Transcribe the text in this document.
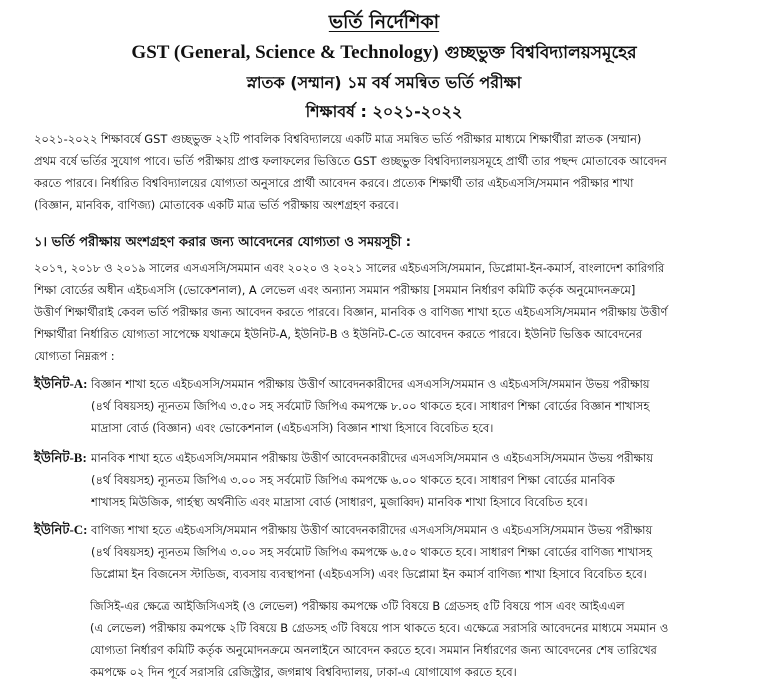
ভর্তি নির্দেশিকা
GST (General, Science & Technology) গুচ্ছভুক্ত বিশ্ববিদ্যালয়সমূহের
স্নাতক (সম্মান) ১ম বর্ষ সমন্বিত ভর্তি পরীক্ষা
শিক্ষাবর্ষ : ২০২১-২০২২
২০২১-২০২২ শিক্ষাবর্ষে GST গুচ্ছভুক্ত ২২টি পাবলিক বিশ্ববিদ্যালয়ে একটি মাত্র সমন্বিত ভর্তি পরীক্ষার মাধ্যমে শিক্ষার্থীরা স্নাতক (সম্মান)
প্রথম বর্ষে ভর্তির সুযোগ পাবে। ভর্তি পরীক্ষায় প্রাপ্ত ফলাফলের ভিত্তিতে GST গুচ্ছভুক্ত বিশ্ববিদ্যালয়সমূহে প্রার্থী তার পছন্দ মোতাবেক আবেদন
করতে পারবে। নির্ধারিত বিশ্ববিদ্যালয়ের যোগ্যতা অনুসারে প্রার্থী আবেদন করবে। প্রত্যেক শিক্ষার্থী তার এইচএসসি/সমমান পরীক্ষার শাখা
(বিজ্ঞান, মানবিক, বাণিজ্য) মোতাবেক একটি মাত্র ভর্তি পরীক্ষায় অংশগ্রহণ করবে।
১। ভর্তি পরীক্ষায় অংশগ্রহণ করার জন্য আবেদনের যোগ্যতা ও সময়সূচী :
২০১৭, ২০১৮ ও ২০১৯ সালের এসএসসি/সমমান এবং ২০২০ ও ২০২১ সালের এইচএসসি/সমমান, ডিপ্লোমা-ইন-কমার্স, বাংলাদেশ কারিগরি
শিক্ষা বোর্ডের অধীন এইচএসসি (ভোকেশনাল), A লেভেল এবং অন্যান্য সমমান পরীক্ষায় [সমমান নির্ধারণ কমিটি কর্তৃক অনুমোদনক্রমে]
উত্তীর্ণ শিক্ষার্থীরাই কেবল ভর্তি পরীক্ষার জন্য আবেদন করতে পারবে। বিজ্ঞান, মানবিক ও বাণিজ্য শাখা হতে এইচএসসি/সমমান পরীক্ষায় উত্তীর্ণ
শিক্ষার্থীরা নির্ধারিত যোগ্যতা সাপেক্ষে যথাক্রমে ইউনিট-A, ইউনিট-B ও ইউনিট-C-তে আবেদন করতে পারবে। ইউনিট ভিত্তিক আবেদনের
যোগ্যতা নিম্নরূপ :
ইউনিট-A: বিজ্ঞান শাখা হতে এইচএসসি/সমমান পরীক্ষায় উত্তীর্ণ আবেদনকারীদের এসএসসি/সমমান ও এইচএসসি/সমমান উভয় পরীক্ষায়
(৪র্থ বিষয়সহ) ন্যূনতম জিপিএ ৩.৫০ সহ সর্বমোট জিপিএ কমপক্ষে ৮.০০ থাকতে হবে। সাধারণ শিক্ষা বোর্ডের বিজ্ঞান শাখাসহ
মাদ্রাসা বোর্ড (বিজ্ঞান) এবং ভোকেশনাল (এইচএসসি) বিজ্ঞান শাখা হিসাবে বিবেচিত হবে।
ইউনিট-B: মানবিক শাখা হতে এইচএসসি/সমমান পরীক্ষায় উত্তীর্ণ আবেদনকারীদের এসএসসি/সমমান ও এইচএসসি/সমমান উভয় পরীক্ষায়
(৪র্থ বিষয়সহ) ন্যূনতম জিপিএ ৩.০০ সহ সর্বমোট জিপিএ কমপক্ষে ৬.০০ থাকতে হবে। সাধারণ শিক্ষা বোর্ডের মানবিক
শাখাসহ মিউজিক, গার্হস্থ্য অর্থনীতি এবং মাদ্রাসা বোর্ড (সাধারণ, মুজাব্বিদ) মানবিক শাখা হিসাবে বিবেচিত হবে।
ইউনিট-C: বাণিজ্য শাখা হতে এইচএসসি/সমমান পরীক্ষায় উত্তীর্ণ আবেদনকারীদের এসএসসি/সমমান ও এইচএসসি/সমমান উভয় পরীক্ষায়
(৪র্থ বিষয়সহ) ন্যূনতম জিপিএ ৩.০০ সহ সর্বমোট জিপিএ কমপক্ষে ৬.৫০ থাকতে হবে। সাধারণ শিক্ষা বোর্ডের বাণিজ্য শাখাসহ
ডিপ্লোমা ইন বিজনেস স্টাডিজ, ব্যবসায় ব্যবস্থাপনা (এইচএসসি) এবং ডিপ্লোমা ইন কমার্স বাণিজ্য শাখা হিসাবে বিবেচিত হবে।
জিসিই-এর ক্ষেত্রে আইজিসিএসই (ও লেভেল) পরীক্ষায় কমপক্ষে ৩টি বিষয়ে B গ্রেডসহ ৫টি বিষয়ে পাস এবং আইএএল
(এ লেভেল) পরীক্ষায় কমপক্ষে ২টি বিষয়ে B গ্রেডসহ ৩টি বিষয়ে পাস থাকতে হবে। এক্ষেত্রে সরাসরি আবেদনের মাধ্যমে সমমান ও
যোগ্যতা নির্ধারণ কমিটি কর্তৃক অনুমোদনক্রমে অনলাইনে আবেদন করতে হবে। সমমান নির্ধারণের জন্য আবেদনের শেষ তারিখের
কমপক্ষে ০২ দিন পূর্বে সরাসরি রেজিস্ট্রার, জগন্নাথ বিশ্ববিদ্যালয়, ঢাকা-এ যোগাযোগ করতে হবে।
